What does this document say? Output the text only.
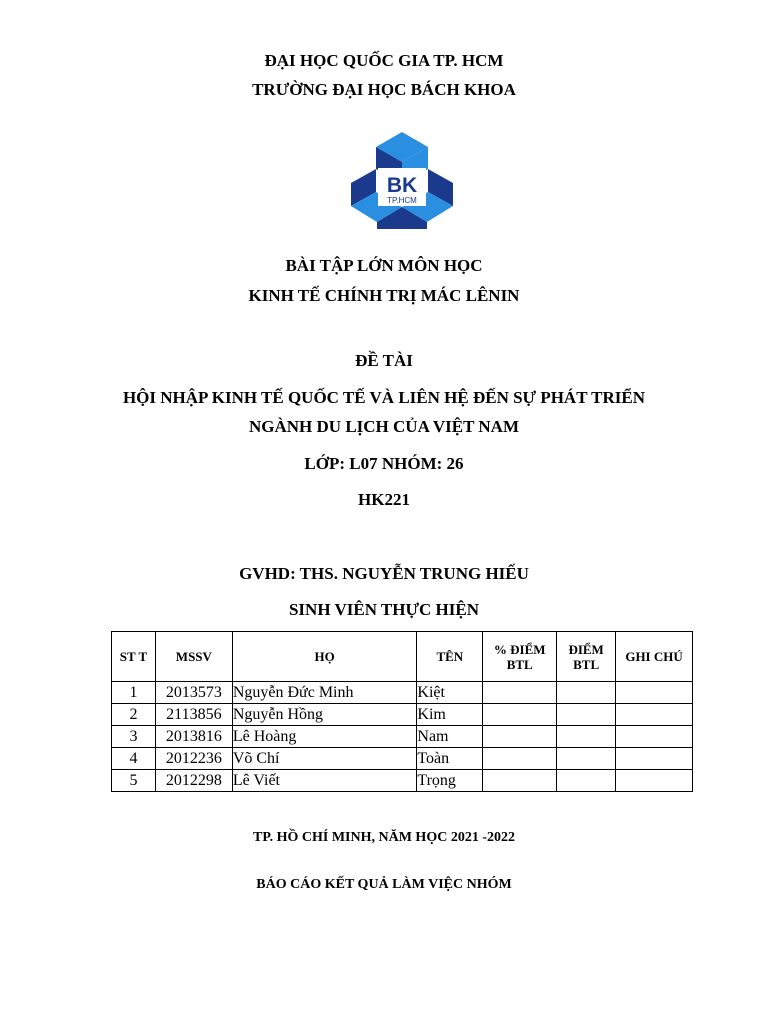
ĐẠI HỌC QUỐC GIA TP. HCM
TRƯỜNG ĐẠI HỌC BÁCH KHOA
BK
TP.HCM
BÀI TẬP LỚN MÔN HỌC
KINH TẾ CHÍNH TRỊ MÁC LÊNIN
ĐỀ TÀI
HỘI NHẬP KINH TẾ QUỐC TẾ VÀ LIÊN HỆ ĐẾN SỰ PHÁT TRIỂN
NGÀNH DU LỊCH CỦA VIỆT NAM
LỚP: L07 NHÓM: 26
HK221
GVHD: THS. NGUYỄN TRUNG HIẾU
SINH VIÊN THỰC HIỆN
ST T	MSSV	HỌ	TÊN	% ĐIỂM BTL	ĐIỂM BTL	GHI CHÚ
1	2013573	Nguyễn Đức Minh	Kiệt			
2	2113856	Nguyễn Hồng	Kim			
3	2013816	Lê Hoàng	Nam			
4	2012236	Võ Chí	Toàn			
5	2012298	Lê Viết	Trọng			
TP. HỒ CHÍ MINH, NĂM HỌC 2021 -2022
BÁO CÁO KẾT QUẢ LÀM VIỆC NHÓM
